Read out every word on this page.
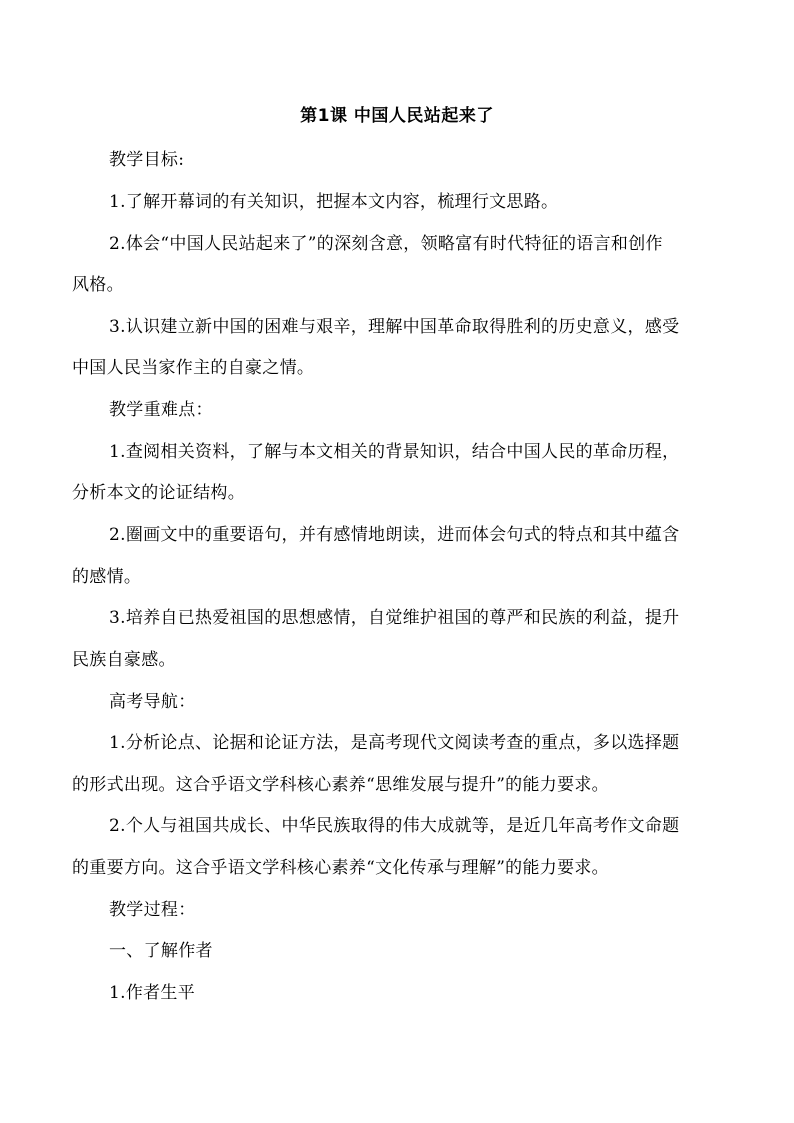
第1课 中国人民站起来了
教学目标:
1.了解开幕词的有关知识，把握本文内容，梳理行文思路。
2.体会“中国人民站起来了”的深刻含意，领略富有时代特征的语言和创作
风格。
3.认识建立新中国的困难与艰辛，理解中国革命取得胜利的历史意义，感受
中国人民当家作主的自豪之情。
教学重难点：
1.查阅相关资料，了解与本文相关的背景知识，结合中国人民的革命历程，
分析本文的论证结构。
2.圈画文中的重要语句，并有感情地朗读，进而体会句式的特点和其中蕴含
的感情。
3.培养自已热爱祖国的思想感情，自觉维护祖国的尊严和民族的利益，提升
民族自豪感。
高考导航：
1.分析论点、论据和论证方法，是高考现代文阅读考查的重点，多以选择题
的形式出现。这合乎语文学科核心素养“思维发展与提升”的能力要求。
2.个人与祖国共成长、中华民族取得的伟大成就等，是近几年高考作文命题
的重要方向。这合乎语文学科核心素养“文化传承与理解”的能力要求。
教学过程：
一、了解作者
1.作者生平
